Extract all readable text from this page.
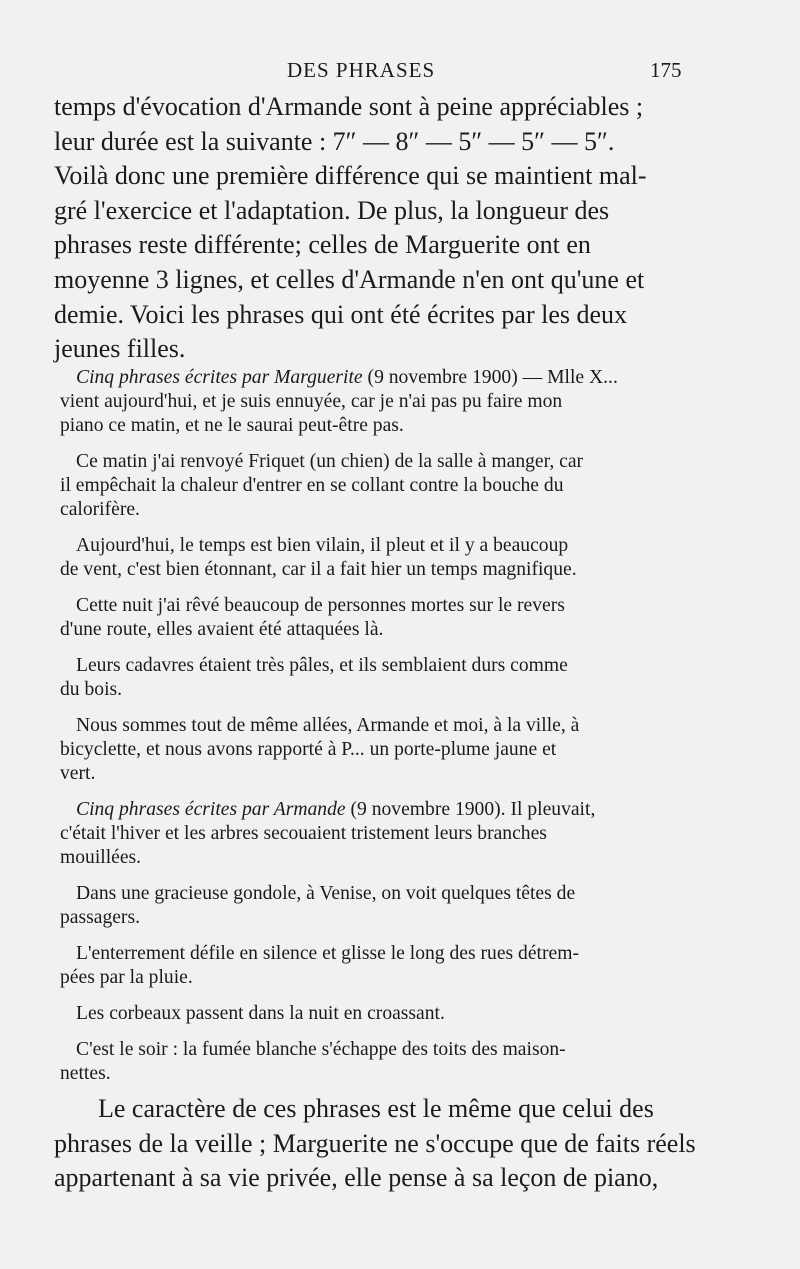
DES PHRASES	175
temps d'évocation d'Armande sont à peine appréciables ;
leur durée est la suivante : 7″ — 8″ — 5″ — 5″ — 5″.
Voilà donc une première différence qui se maintient mal-
gré l'exercice et l'adaptation. De plus, la longueur des
phrases reste différente; celles de Marguerite ont en
moyenne 3 lignes, et celles d'Armande n'en ont qu'une et
demie. Voici les phrases qui ont été écrites par les deux
jeunes filles.
Cinq phrases écrites par Marguerite (9 novembre 1900) — Mlle X...
vient aujourd'hui, et je suis ennuyée, car je n'ai pas pu faire mon
piano ce matin, et ne le saurai peut-être pas.
Ce matin j'ai renvoyé Friquet (un chien) de la salle à manger, car
il empêchait la chaleur d'entrer en se collant contre la bouche du
calorifère.
Aujourd'hui, le temps est bien vilain, il pleut et il y a beaucoup
de vent, c'est bien étonnant, car il a fait hier un temps magnifique.
Cette nuit j'ai rêvé beaucoup de personnes mortes sur le revers
d'une route, elles avaient été attaquées là.
Leurs cadavres étaient très pâles, et ils semblaient durs comme
du bois.
Nous sommes tout de même allées, Armande et moi, à la ville, à
bicyclette, et nous avons rapporté à P... un porte-plume jaune et
vert.
Cinq phrases écrites par Armande (9 novembre 1900). Il pleuvait,
c'était l'hiver et les arbres secouaient tristement leurs branches
mouillées.
Dans une gracieuse gondole, à Venise, on voit quelques têtes de
passagers.
L'enterrement défile en silence et glisse le long des rues détrem-
pées par la pluie.
Les corbeaux passent dans la nuit en croassant.
C'est le soir : la fumée blanche s'échappe des toits des maison-
nettes.
Le caractère de ces phrases est le même que celui des
phrases de la veille ; Marguerite ne s'occupe que de faits réels
appartenant à sa vie privée, elle pense à sa leçon de piano,
